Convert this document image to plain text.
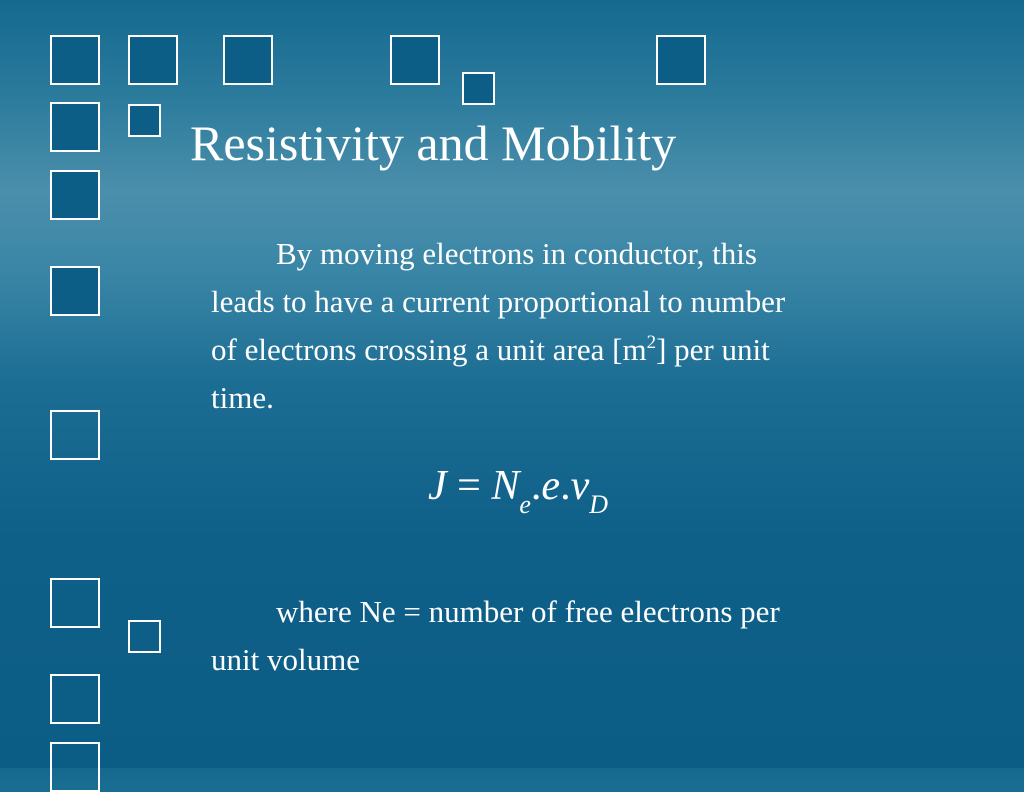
Resistivity and Mobility
By moving electrons in conductor, this
leads to have a current proportional to number
of electrons crossing a unit area $[m^2]$ per unit
time.
$J = N_e.e.v_D$
where Ne = number of free electrons per
unit volume
